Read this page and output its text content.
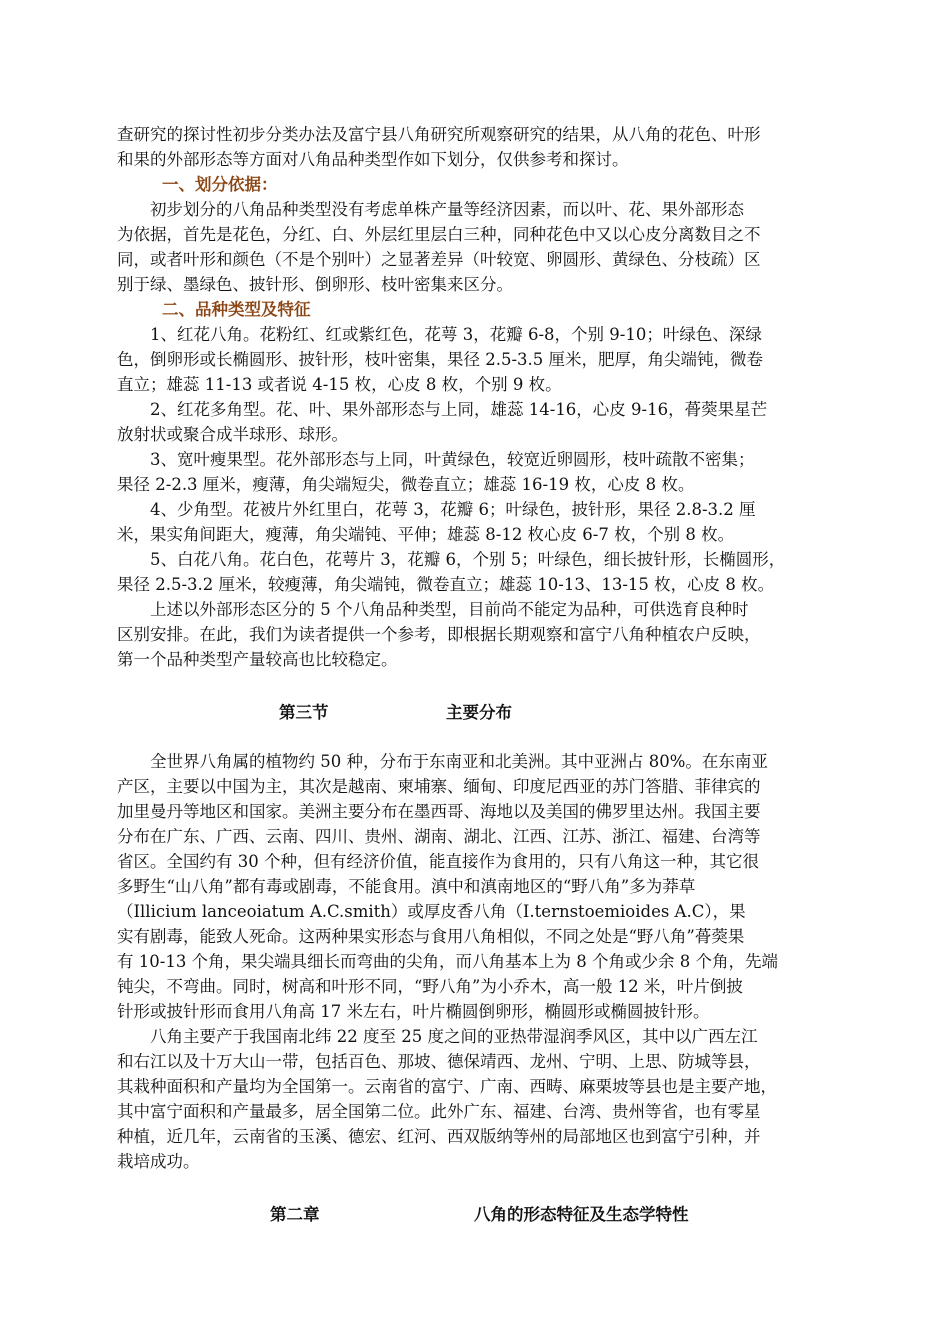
查研究的探讨性初步分类办法及富宁县八角研究所观察研究的结果，从八角的花色、叶形
和果的外部形态等方面对八角品种类型作如下划分，仅供参考和探讨。
一、划分依据：
初步划分的八角品种类型没有考虑单株产量等经济因素，而以叶、花、果外部形态
为依据，首先是花色，分红、白、外层红里层白三种，同种花色中又以心皮分离数目之不
同，或者叶形和颜色（不是个别叶）之显著差异（叶较宽、卵圆形、黄绿色、分枝疏）区
别于绿、墨绿色、披针形、倒卵形、枝叶密集来区分。
二、品种类型及特征
1、红花八角。花粉红、红或紫红色，花萼 3，花瓣 6-8，个别 9-10；叶绿色、深绿
色，倒卵形或长椭圆形、披针形，枝叶密集，果径 2.5-3.5 厘米，肥厚，角尖端钝，微卷
直立；雄蕊 11-13 或者说 4-15 枚，心皮 8 枚，个别 9 枚。
2、红花多角型。花、叶、果外部形态与上同，雄蕊 14-16，心皮 9-16，蓇葖果星芒
放射状或聚合成半球形、球形。
3、宽叶瘦果型。花外部形态与上同，叶黄绿色，较宽近卵圆形，枝叶疏散不密集；
果径 2-2.3 厘米，瘦薄，角尖端短尖，微卷直立；雄蕊 16-19 枚，心皮 8 枚。
4、少角型。花被片外红里白，花萼 3，花瓣 6；叶绿色，披针形，果径 2.8-3.2 厘
米，果实角间距大，瘦薄，角尖端钝、平伸；雄蕊 8-12 枚心皮 6-7 枚，个别 8 枚。
5、白花八角。花白色，花萼片 3，花瓣 6，个别 5；叶绿色，细长披针形，长椭圆形，
果径 2.5-3.2 厘米，较瘦薄，角尖端钝，微卷直立；雄蕊 10-13、13-15 枚，心皮 8 枚。
上述以外部形态区分的 5 个八角品种类型，目前尚不能定为品种，可供选育良种时
区别安排。在此，我们为读者提供一个参考，即根据长期观察和富宁八角种植农户反映，
第一个品种类型产量较高也比较稳定。
第三节	主要分布
全世界八角属的植物约 50 种，分布于东南亚和北美洲。其中亚洲占 80%。在东南亚
产区，主要以中国为主，其次是越南、柬埔寨、缅甸、印度尼西亚的苏门答腊、菲律宾的
加里曼丹等地区和国家。美洲主要分布在墨西哥、海地以及美国的佛罗里达州。我国主要
分布在广东、广西、云南、四川、贵州、湖南、湖北、江西、江苏、浙江、福建、台湾等
省区。全国约有 30 个种，但有经济价值，能直接作为食用的，只有八角这一种，其它很
多野生“山八角”都有毒或剧毒，不能食用。滇中和滇南地区的“野八角”多为莽草
（Illicium lanceoiatum A.C.smith）或厚皮香八角（I.ternstoemioides A.C），果
实有剧毒，能致人死命。这两种果实形态与食用八角相似，不同之处是“野八角”蓇葖果
有 10-13 个角，果尖端具细长而弯曲的尖角，而八角基本上为 8 个角或少余 8 个角，先端
钝尖，不弯曲。同时，树高和叶形不同，“野八角”为小乔木，高一般 12 米，叶片倒披
针形或披针形而食用八角高 17 米左右，叶片椭圆倒卵形，椭圆形或椭圆披针形。
八角主要产于我国南北纬 22 度至 25 度之间的亚热带湿润季风区，其中以广西左江
和右江以及十万大山一带，包括百色、那坡、德保靖西、龙州、宁明、上思、防城等县，
其栽种面积和产量均为全国第一。云南省的富宁、广南、西畴、麻栗坡等县也是主要产地，
其中富宁面积和产量最多，居全国第二位。此外广东、福建、台湾、贵州等省，也有零星
种植，近几年，云南省的玉溪、德宏、红河、西双版纳等州的局部地区也到富宁引种，并
栽培成功。
第二章	八角的形态特征及生态学特性
